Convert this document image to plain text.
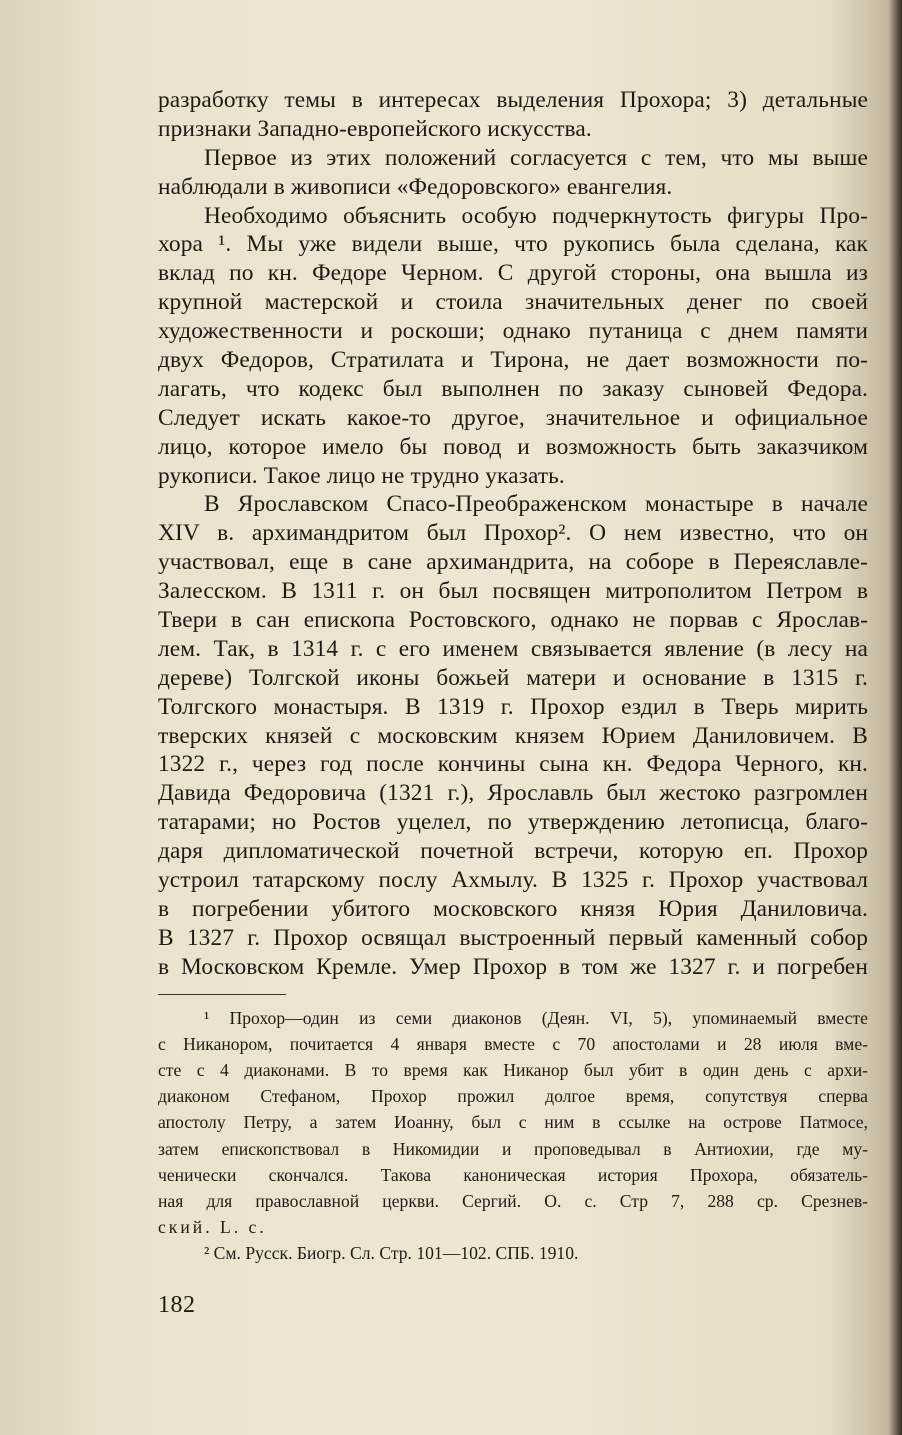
разработку темы в интересах выделения Прохора; 3) детальные
признаки Западно-европейского искусства.
Первое из этих положений согласуется с тем, что мы выше
наблюдали в живописи «Федоровского» евангелия.
Необходимо объяснить особую подчеркнутость фигуры Про-
хора ¹. Мы уже видели выше, что рукопись была сделана, как
вклад по кн. Федоре Черном. С другой стороны, она вышла из
крупной мастерской и стоила значительных денег по своей
художественности и роскоши; однако путаница с днем памяти
двух Федоров, Стратилата и Тирона, не дает возможности по-
лагать, что кодекс был выполнен по заказу сыновей Федора.
Следует искать какое-то другое, значительное и официальное
лицо, которое имело бы повод и возможность быть заказчиком
рукописи. Такое лицо не трудно указать.
В Ярославском Спасо-Преображенском монастыре в начале
XIV в. архимандритом был Прохор². О нем известно, что он
участвовал, еще в сане архимандрита, на соборе в Переяславле-
Залесском. В 1311 г. он был посвящен митрополитом Петром в
Твери в сан епископа Ростовского, однако не порвав с Ярослав-
лем. Так, в 1314 г. с его именем связывается явление (в лесу на
дереве) Толгской иконы божьей матери и основание в 1315 г.
Толгского монастыря. В 1319 г. Прохор ездил в Тверь мирить
тверских князей с московским князем Юрием Даниловичем. В
1322 г., через год после кончины сына кн. Федора Черного, кн.
Давида Федоровича (1321 г.), Ярославль был жестоко разгромлен
татарами; но Ростов уцелел, по утверждению летописца, благо-
даря дипломатической почетной встречи, которую еп. Прохор
устроил татарскому послу Ахмылу. В 1325 г. Прохор участвовал
в погребении убитого московского князя Юрия Даниловича.
В 1327 г. Прохор освящал выстроенный первый каменный собор
в Московском Кремле. Умер Прохор в том же 1327 г. и погребен
¹ Прохор—один из семи диаконов (Деян. VI, 5), упоминаемый вместе
с Никанором, почитается 4 января вместе с 70 апостолами и 28 июля вме-
сте с 4 диаконами. В то время как Никанор был убит в один день с архи-
диаконом Стефаном, Прохор прожил долгое время, сопутствуя сперва
апостолу Петру, а затем Иоанну, был с ним в ссылке на острове Патмосе,
затем епископствовал в Никомидии и проповедывал в Антиохии, где му-
ченически скончался. Такова каноническая история Прохора, обязатель-
ная для православной церкви. Сергий. О. с. Стр 7, 288 ср. Срезнев-
ский. L. с.
² См. Русск. Биогр. Сл. Стр. 101—102. СПБ. 1910.
182
